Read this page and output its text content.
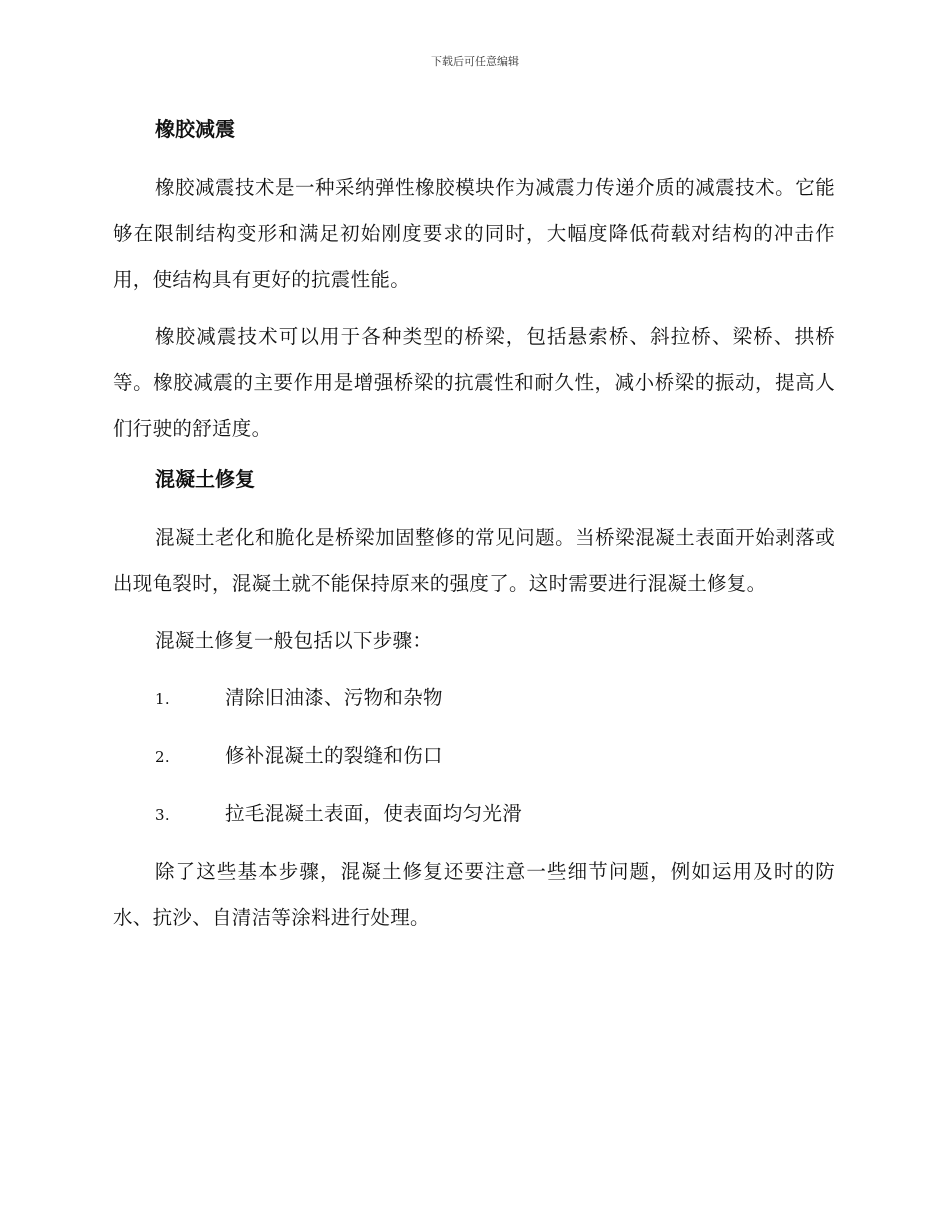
下载后可任意编辑
橡胶减震

橡胶减震技术是一种采纳弹性橡胶模块作为减震力传递介质的减震技术。它能够在限制结构变形和满足初始刚度要求的同时，大幅度降低荷载对结构的冲击作用，使结构具有更好的抗震性能。

橡胶减震技术可以用于各种类型的桥梁，包括悬索桥、斜拉桥、梁桥、拱桥等。橡胶减震的主要作用是增强桥梁的抗震性和耐久性，减小桥梁的振动，提高人们行驶的舒适度。

混凝土修复

混凝土老化和脆化是桥梁加固整修的常见问题。当桥梁混凝土表面开始剥落或出现龟裂时，混凝土就不能保持原来的强度了。这时需要进行混凝土修复。

混凝土修复一般包括以下步骤：

1.	清除旧油漆、污物和杂物
2.	修补混凝土的裂缝和伤口
3.	拉毛混凝土表面，使表面均匀光滑

除了这些基本步骤，混凝土修复还要注意一些细节问题，例如运用及时的防水、抗沙、自清洁等涂料进行处理。
